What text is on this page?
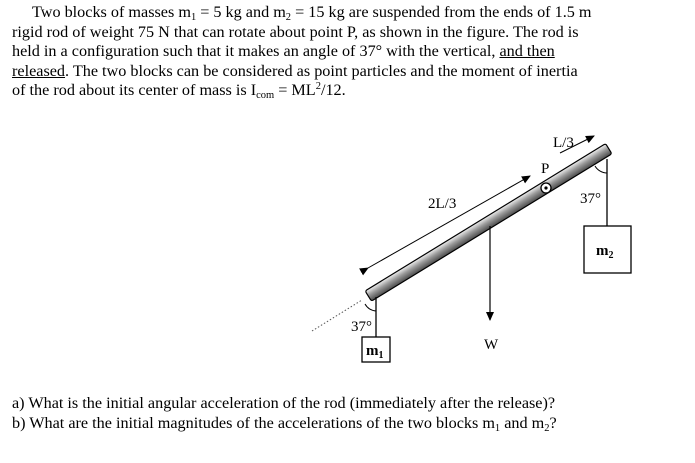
Two blocks of masses $m_1 = 5$ kg and $m_2 = 15$ kg are suspended from the ends of 1.5 m
rigid rod of weight 75 N that can rotate about point P, as shown in the figure. The rod is
held in a configuration such that it makes an angle of 37° with the vertical, and then
released. The two blocks can be considered as point particles and the moment of inertia
of the rod about its center of mass is $I_{com} = ML^2/12$.
L/3
P
2L/3	37°
37°
W
$m_2$
$m_1$
a) What is the initial angular acceleration of the rod (immediately after the release)?
b) What are the initial magnitudes of the accelerations of the two blocks $m_1$ and $m_2$?
